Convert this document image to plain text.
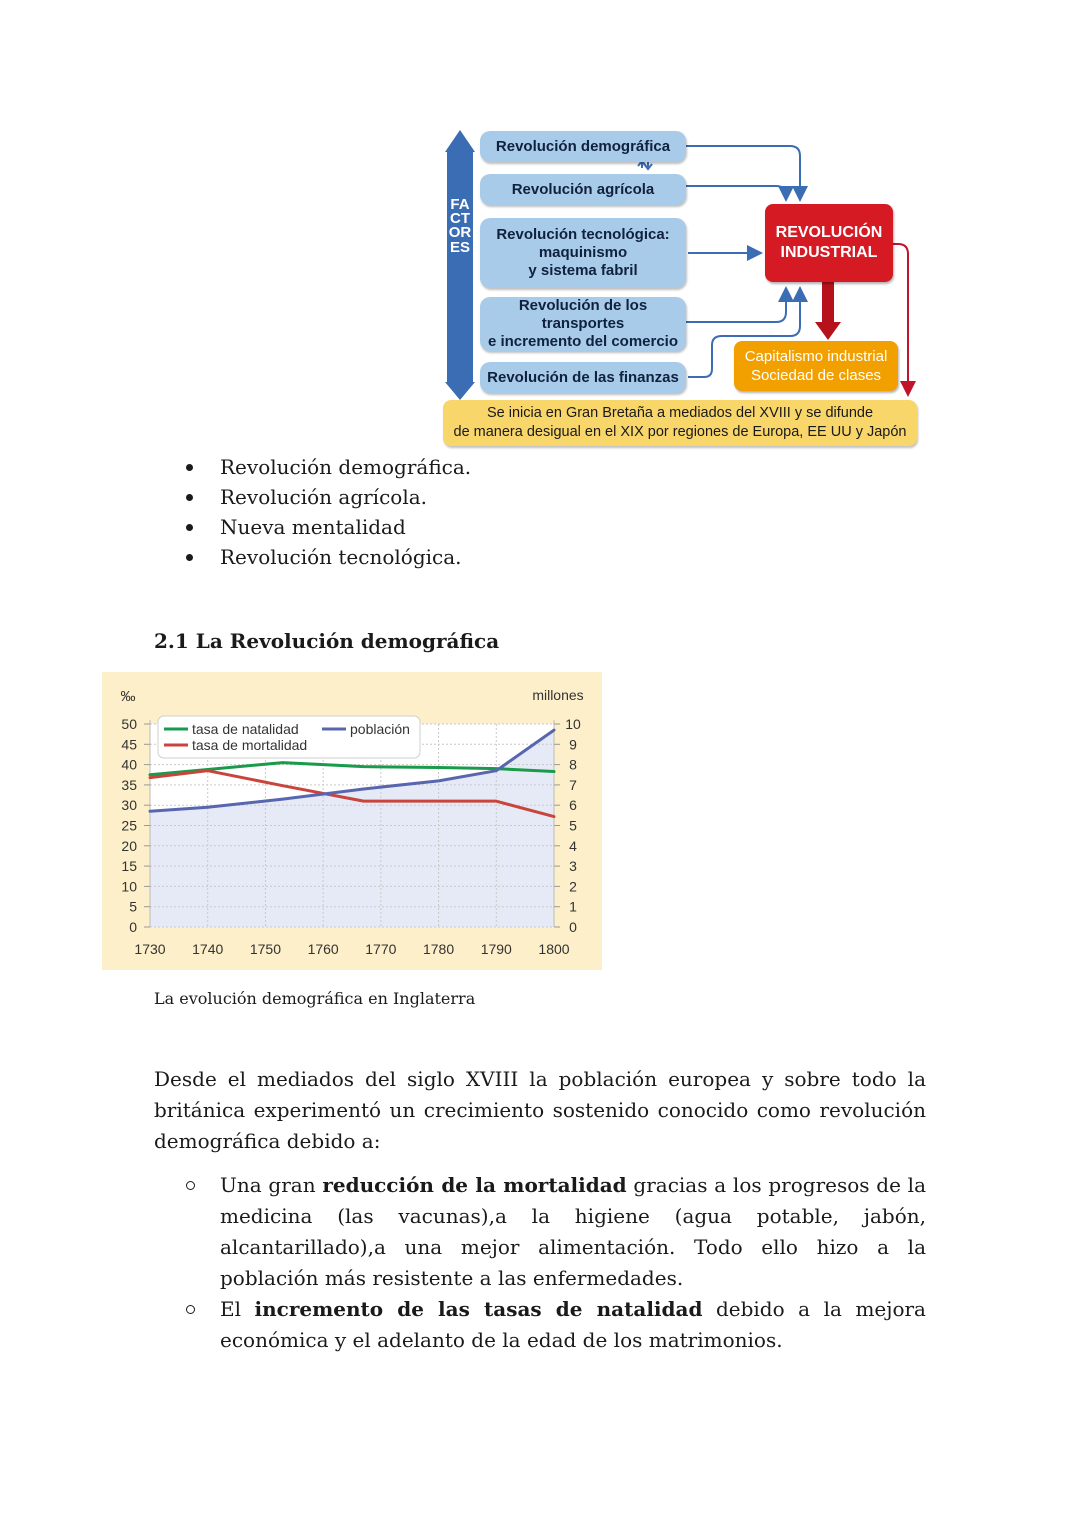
FACTORES
Revolución demográfica
Revolución agrícola
Revolución tecnológica:
maquinismo
y sistema fabril
Revolución de los transportes
e incremento del comercio
Revolución de las finanzas
REVOLUCIÓN
INDUSTRIAL
Capitalismo industrial
Sociedad de clases
Se inicia en Gran Bretaña a mediados del XVIII y se difunde
de manera desigual en el XIX por regiones de Europa, EE UU y Japón
Revolución demográfica.
Revolución agrícola.
Nueva mentalidad
Revolución tecnológica.
2.1 La Revolución demográfica
0
5
10
15
20
25
30
35
40
45
50
0
1
2
3
4
5
6
7
8
9
10
1730 1740 1750 1760 1770 1780 1790 1800
‰	millones
tasa de natalidad
tasa de mortalidad
población
La evolución demográfica en Inglaterra

Desde el mediados del siglo XVIII la población europea y sobre todo la británica experimentó un crecimiento sostenido conocido como revolución demográfica debido a:

Una gran reducción de la mortalidad gracias a los progresos de la medicina (las vacunas),a la higiene (agua potable, jabón, alcantarillado),a una mejor alimentación. Todo ello hizo a la población más resistente a las enfermedades.
El incremento de las tasas de natalidad debido a la mejora económica y el adelanto de la edad de los matrimonios.
